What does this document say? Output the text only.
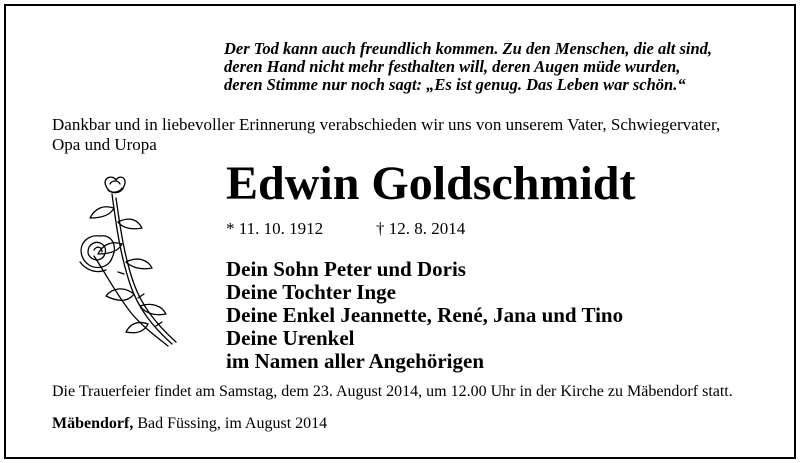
Der Tod kann auch freundlich kommen. Zu den Menschen, die alt sind,
deren Hand nicht mehr festhalten will, deren Augen müde wurden,
deren Stimme nur noch sagt: „Es ist genug. Das Leben war schön.“
Dankbar und in liebevoller Erinnerung verabschieden wir uns von unserem Vater, Schwiegervater,
Opa und Uropa
Edwin Goldschmidt
* 11. 10. 1912	† 12. 8. 2014
Dein Sohn Peter und Doris
Deine Tochter Inge
Deine Enkel Jeannette, René, Jana und Tino
Deine Urenkel
im Namen aller Angehörigen
Die Trauerfeier findet am Samstag, dem 23. August 2014, um 12.00 Uhr in der Kirche zu Mäbendorf statt.
Mäbendorf, Bad Füssing, im August 2014
